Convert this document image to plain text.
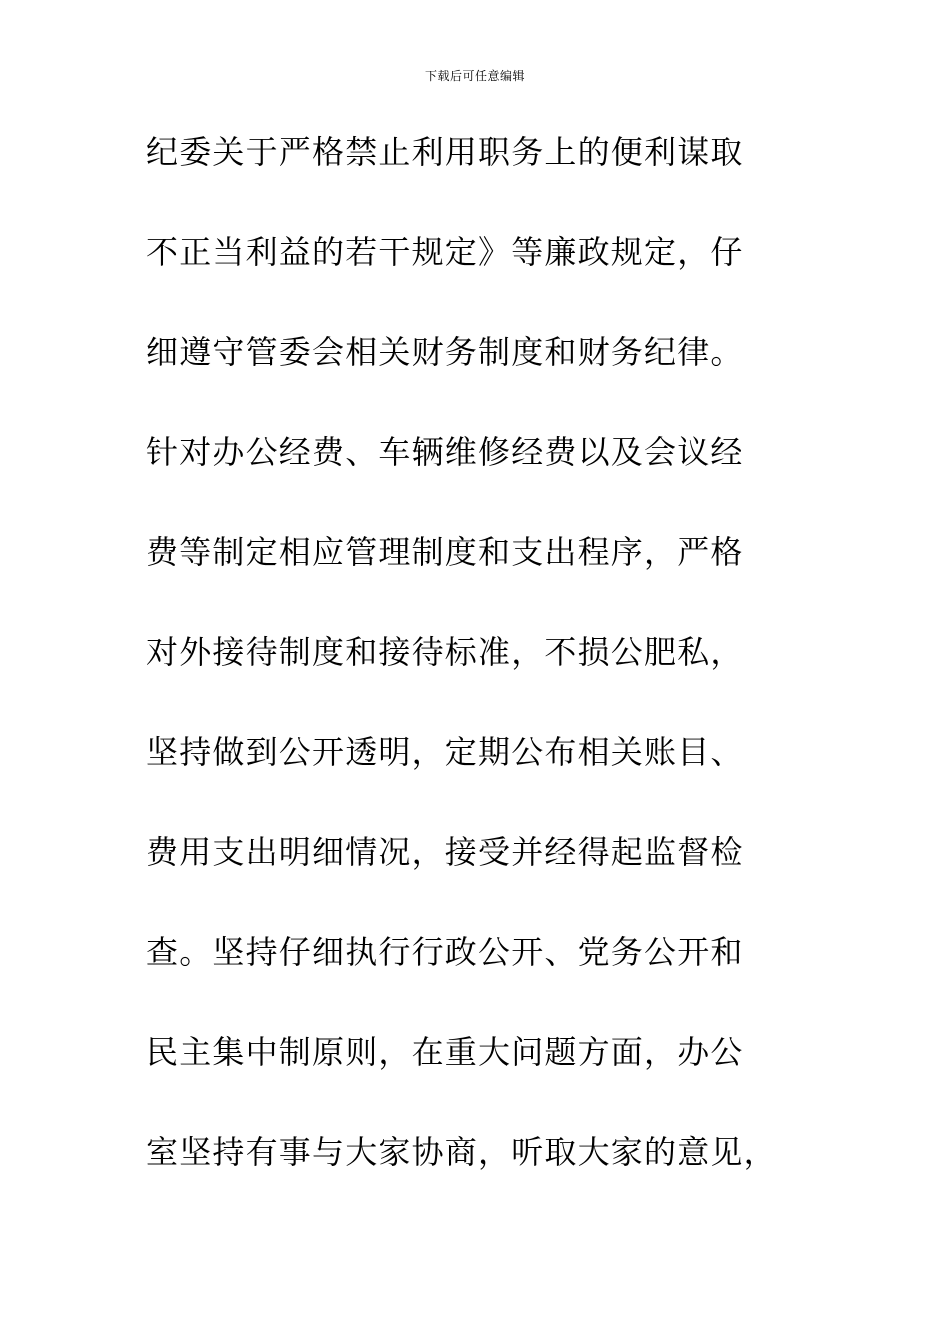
下载后可任意编辑
纪委关于严格禁止利用职务上的便利谋取
不正当利益的若干规定》等廉政规定，仔
细遵守管委会相关财务制度和财务纪律。
针对办公经费、车辆维修经费以及会议经
费等制定相应管理制度和支出程序，严格
对外接待制度和接待标准，不损公肥私，
坚持做到公开透明，定期公布相关账目、
费用支出明细情况，接受并经得起监督检
查。坚持仔细执行行政公开、党务公开和
民主集中制原则，在重大问题方面，办公
室坚持有事与大家协商，听取大家的意见，
